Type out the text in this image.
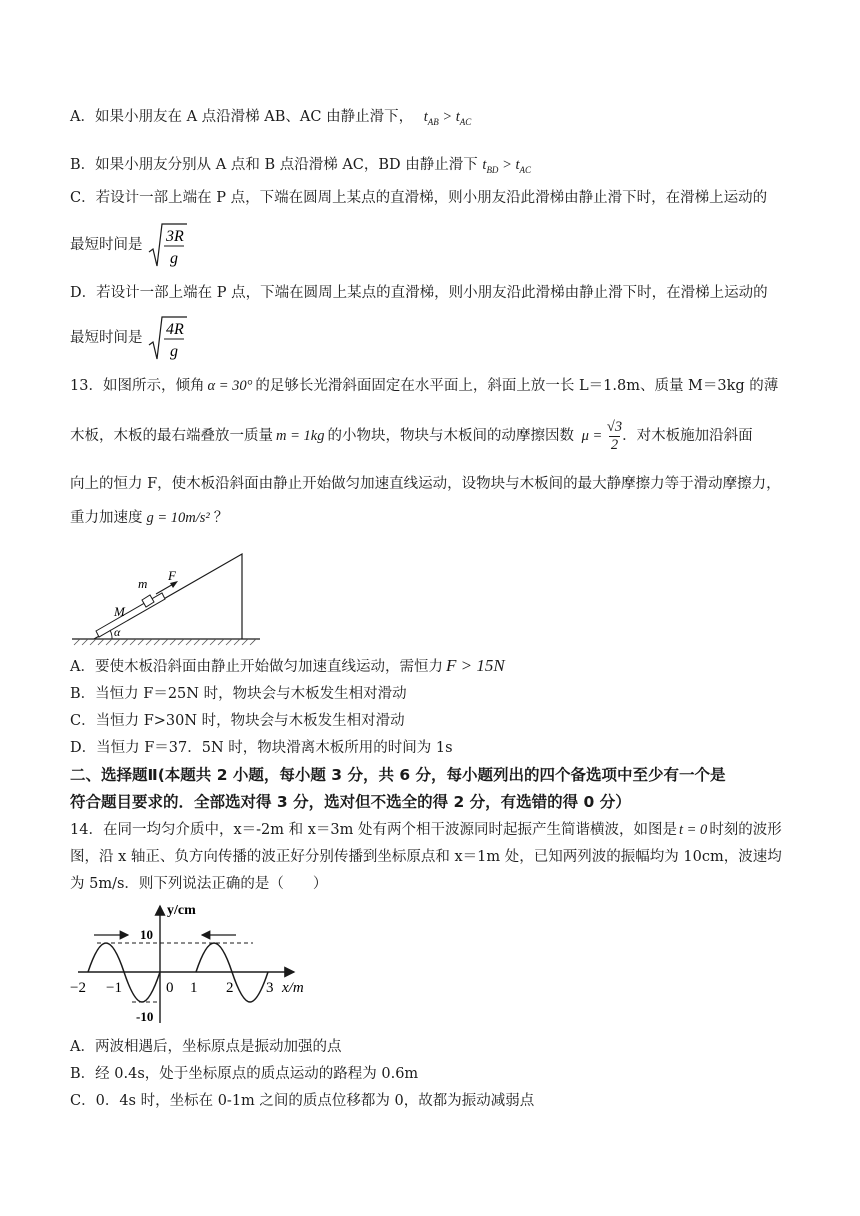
A．如果小朋友在 A 点沿滑梯 AB、AC 由静止滑下， $t_{AB} > t_{AC}$
B．如果小朋友分别从 A 点和 B 点沿滑梯 AC，BD 由静止滑下 $t_{BD} > t_{AC}$
C．若设计一部上端在 P 点，下端在圆周上某点的直滑梯，则小朋友沿此滑梯由静止滑下时，在滑梯上运动的
最短时间是 3R
g
D．若设计一部上端在 P 点，下端在圆周上某点的直滑梯，则小朋友沿此滑梯由静止滑下时，在滑梯上运动的
最短时间是 4R
g
13．如图所示，倾角 α = 30° 的足够长光滑斜面固定在水平面上，斜面上放一长 L＝1.8m、质量 M＝3kg 的薄
木板，木板的最右端叠放一质量 m = 1kg 的小物块，物块与木板间的动摩擦因数 $\mu = \frac{√3}{2}$ ．对木板施加沿斜面
向上的恒力 F，使木板沿斜面由静止开始做匀加速直线运动，设物块与木板间的最大静摩擦力等于滑动摩擦力，
重力加速度 g = 10m/s² ？
m
F
M
α
A．要使木板沿斜面由静止开始做匀加速直线运动，需恒力 F > 15N
B．当恒力 F＝25N 时，物块会与木板发生相对滑动
C．当恒力 F>30N 时，物块会与木板发生相对滑动
D．当恒力 F＝37．5N 时，物块滑离木板所用的时间为 1s
二、选择题Ⅱ(本题共 2 小题，每小题 3 分，共 6 分，每小题列出的四个备选项中至少有一个是
符合题目要求的．全部选对得 3 分，选对但不选全的得 2 分，有选错的得 0 分）
14．在同一均匀介质中，x＝-2m 和 x＝3m 处有两个相干波源同时起振产生简谐横波，如图是 t = 0 时刻的波形
图，沿 x 轴正、负方向传播的波正好分别传播到坐标原点和 x＝1m 处，已知两列波的振幅均为 10cm，波速均
为 5m/s．则下列说法正确的是（　　）
y/cm
10
-10
−2 −1	0 1 2 3 x/m
A．两波相遇后，坐标原点是振动加强的点
B．经 0.4s，处于坐标原点的质点运动的路程为 0.6m
C．0．4s 时，坐标在 0-1m 之间的质点位移都为 0，故都为振动减弱点
